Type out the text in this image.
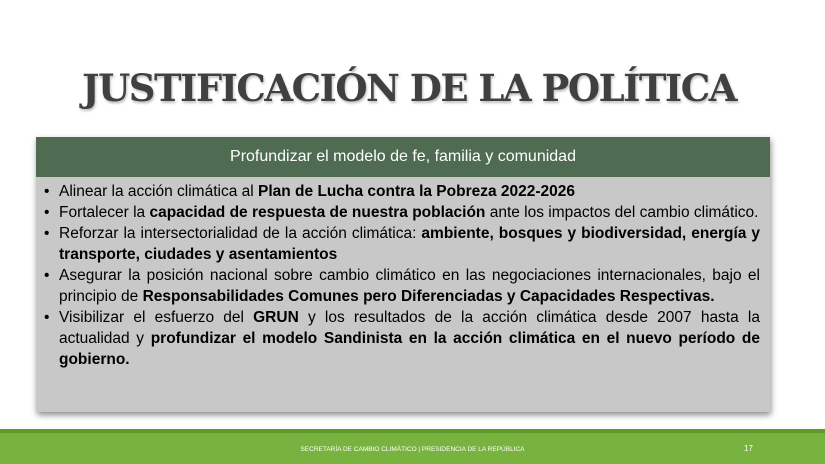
JUSTIFICACIÓN DE LA POLÍTICA
Profundizar el modelo de fe, familia y comunidad
• Alinear la acción climática al Plan de Lucha contra la Pobreza 2022-2026
• Fortalecer la capacidad de respuesta de nuestra población ante los impactos del cambio climático.
• Reforzar la intersectorialidad de la acción climática: ambiente, bosques y biodiversidad, energía y transporte, ciudades y asentamientos
• Asegurar la posición nacional sobre cambio climático en las negociaciones internacionales, bajo el principio de Responsabilidades Comunes pero Diferenciadas y Capacidades Respectivas.
• Visibilizar el esfuerzo del GRUN y los resultados de la acción climática desde 2007 hasta la actualidad y profundizar el modelo Sandinista en la acción climática en el nuevo período de gobierno.
SECRETARÍA DE CAMBIO CLIMÁTICO | PRESIDENCIA DE LA REPÚBLICA	17
